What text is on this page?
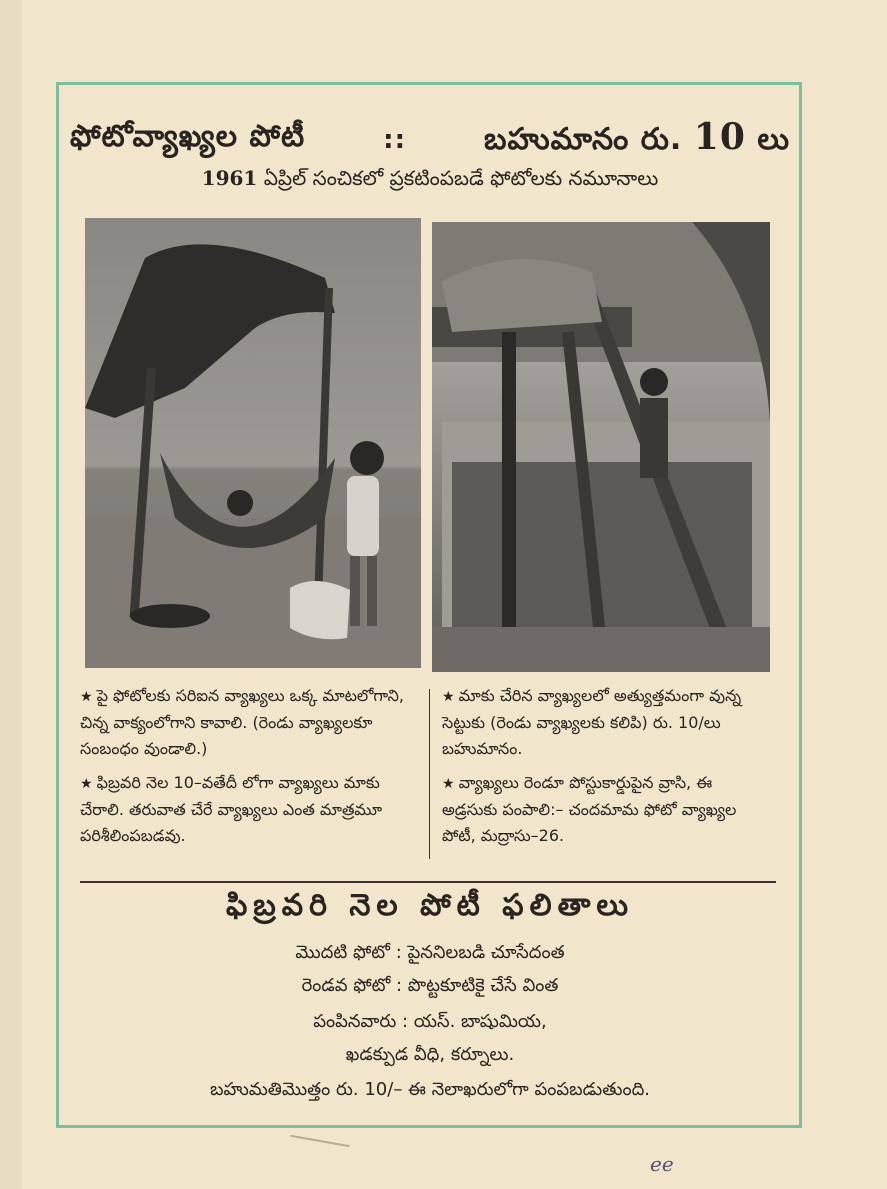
ఫోటోవ్యాఖ్యల పోటీ	::	బహుమానం రు. 10 లు
1961 ఏప్రిల్ సంచికలో ప్రకటింపబడే ఫోటోలకు నమూనాలు
★ పై ఫోటోలకు సరిఐన వ్యాఖ్యలు ఒక్క మాటలోగాని, చిన్న వాక్యంలోగాని కావాలి. (రెండు వ్యాఖ్యలకూ సంబంధం వుండాలి.)
★ ఫిబ్రవరి నెల 10–వతేదీ లోగా వ్యాఖ్యలు మాకు చేరాలి. తరువాత చేరే వ్యాఖ్యలు ఎంత మాత్రమూ పరిశీలింపబడవు.
★ మాకు చేరిన వ్యాఖ్యలలో అత్యుత్తమంగా వున్న సెట్టుకు (రెండు వ్యాఖ్యలకు కలిపి) రు. 10/లు బహుమానం.
★ వ్యాఖ్యలు రెండూ పోస్టుకార్డుపైన వ్రాసి, ఈ అడ్రసుకు పంపాలి:– చందమామ ఫోటో వ్యాఖ్యల పోటీ, మద్రాసు–26.
ఫిబ్రవరి నెల పోటీ ఫలితాలు
మొదటి ఫోటో : పైననిలబడి చూసేదంత
రెండవ ఫోటో : పొట్టకూటికై చేసే వింత
పంపినవారు : యస్. బాషుమియ,
ఖడక్పుడ వీధి, కర్నూలు.
బహుమతిమొత్తం రు. 10/– ఈ నెలాఖరులోగా పంపబడుతుంది.
ee
